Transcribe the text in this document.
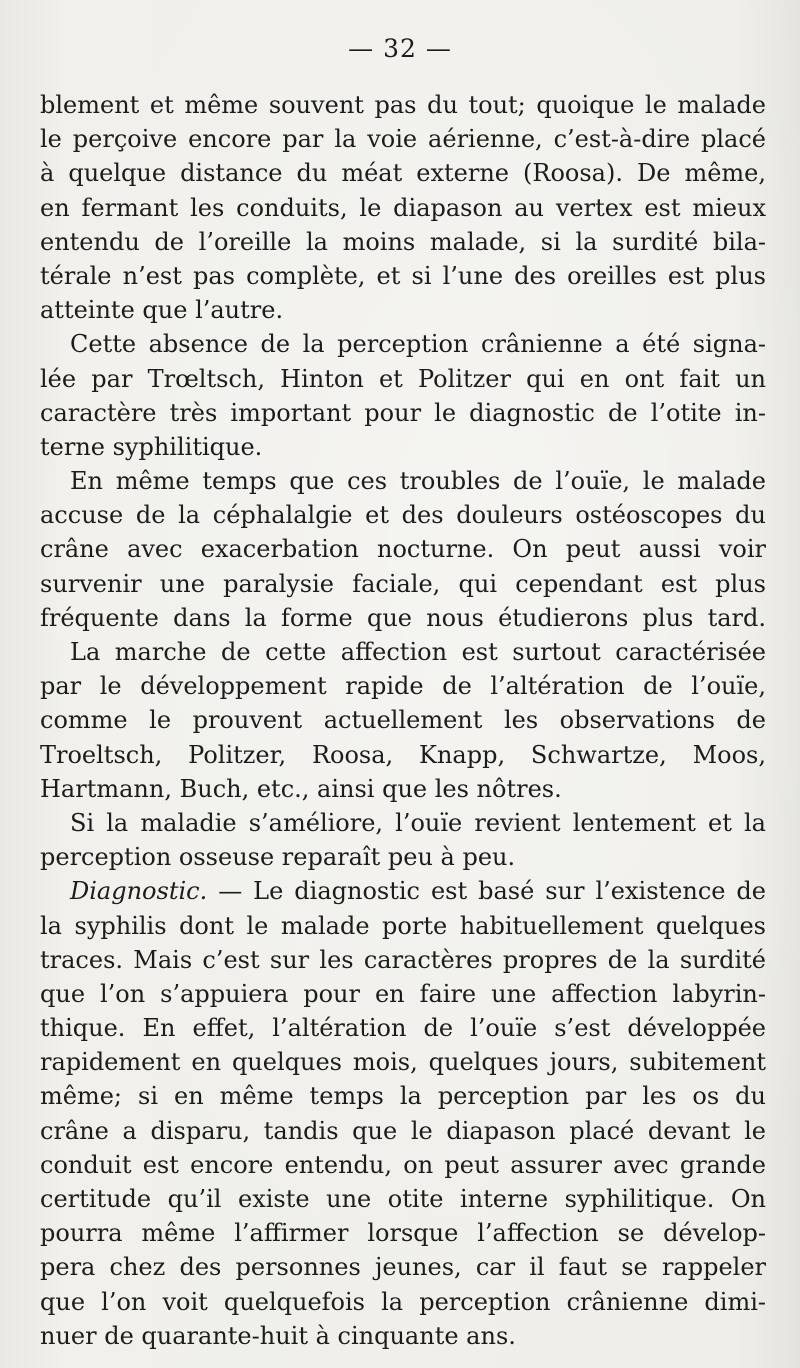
— 32 —
blement et même souvent pas du tout; quoique le malade
le perçoive encore par la voie aérienne, c’est-à-dire placé
à quelque distance du méat externe (Roosa). De même,
en fermant les conduits, le diapason au vertex est mieux
entendu de l’oreille la moins malade, si la surdité bila-
térale n’est pas complète, et si l’une des oreilles est plus
atteinte que l’autre.
Cette absence de la perception crânienne a été signa-
lée par Trœltsch, Hinton et Politzer qui en ont fait un
caractère très important pour le diagnostic de l’otite in-
terne syphilitique.
En même temps que ces troubles de l’ouïe, le malade
accuse de la céphalalgie et des douleurs ostéoscopes du
crâne avec exacerbation nocturne. On peut aussi voir
survenir une paralysie faciale, qui cependant est plus
fréquente dans la forme que nous étudierons plus tard.
La marche de cette affection est surtout caractérisée
par le développement rapide de l’altération de l’ouïe,
comme le prouvent actuellement les observations de
Troeltsch, Politzer, Roosa, Knapp, Schwartze, Moos,
Hartmann, Buch, etc., ainsi que les nôtres.
Si la maladie s’améliore, l’ouïe revient lentement et la
perception osseuse reparaît peu à peu.
Diagnostic. — Le diagnostic est basé sur l’existence de
la syphilis dont le malade porte habituellement quelques
traces. Mais c’est sur les caractères propres de la surdité
que l’on s’appuiera pour en faire une affection labyrin-
thique. En effet, l’altération de l’ouïe s’est développée
rapidement en quelques mois, quelques jours, subitement
même; si en même temps la perception par les os du
crâne a disparu, tandis que le diapason placé devant le
conduit est encore entendu, on peut assurer avec grande
certitude qu’il existe une otite interne syphilitique. On
pourra même l’affirmer lorsque l’affection se dévelop-
pera chez des personnes jeunes, car il faut se rappeler
que l’on voit quelquefois la perception crânienne dimi-
nuer de quarante-huit à cinquante ans.
